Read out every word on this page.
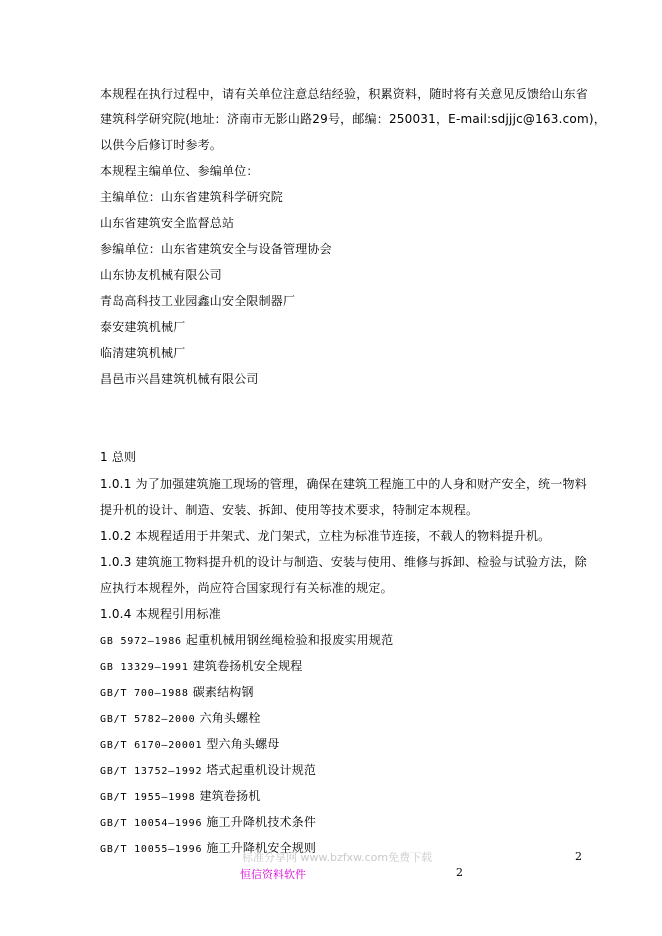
本规程在执行过程中，请有关单位注意总结经验，积累资料，随时将有关意见反馈给山东省
建筑科学研究院(地址：济南市无影山路29号，邮编：250031，E-mail:sdjjjc@163.com)，
以供今后修订时参考。
本规程主编单位、参编单位：
主编单位：山东省建筑科学研究院
山东省建筑安全监督总站
参编单位：山东省建筑安全与设备管理协会
山东协友机械有限公司
青岛高科技工业园鑫山安全限制器厂
泰安建筑机械厂
临清建筑机械厂
昌邑市兴昌建筑机械有限公司
1 总则
1.0.1 为了加强建筑施工现场的管理，确保在建筑工程施工中的人身和财产安全，统一物料
提升机的设计、制造、安装、拆卸、使用等技术要求，特制定本规程。
1.0.2 本规程适用于井架式、龙门架式，立柱为标准节连接，不载人的物料提升机。
1.0.3 建筑施工物料提升机的设计与制造、安装与使用、维修与拆卸、检验与试验方法，除
应执行本规程外，尚应符合国家现行有关标准的规定。
1.0.4 本规程引用标准
GB 5972—1986 起重机械用钢丝绳检验和报废实用规范
GB 13329—1991 建筑卷扬机安全规程
GB/T 700—1988 碳素结构钢
GB/T 5782—2000 六角头螺栓
GB/T 6170—20001 型六角头螺母
GB/T 13752—1992 塔式起重机设计规范
GB/T 1955—1998 建筑卷扬机
GB/T 10054—1996 施工升降机技术条件
GB/T 10055—1996 施工升降机安全规则
标准分享网 www.bzfxw.com免费下载	2
恒信资料软件	2
